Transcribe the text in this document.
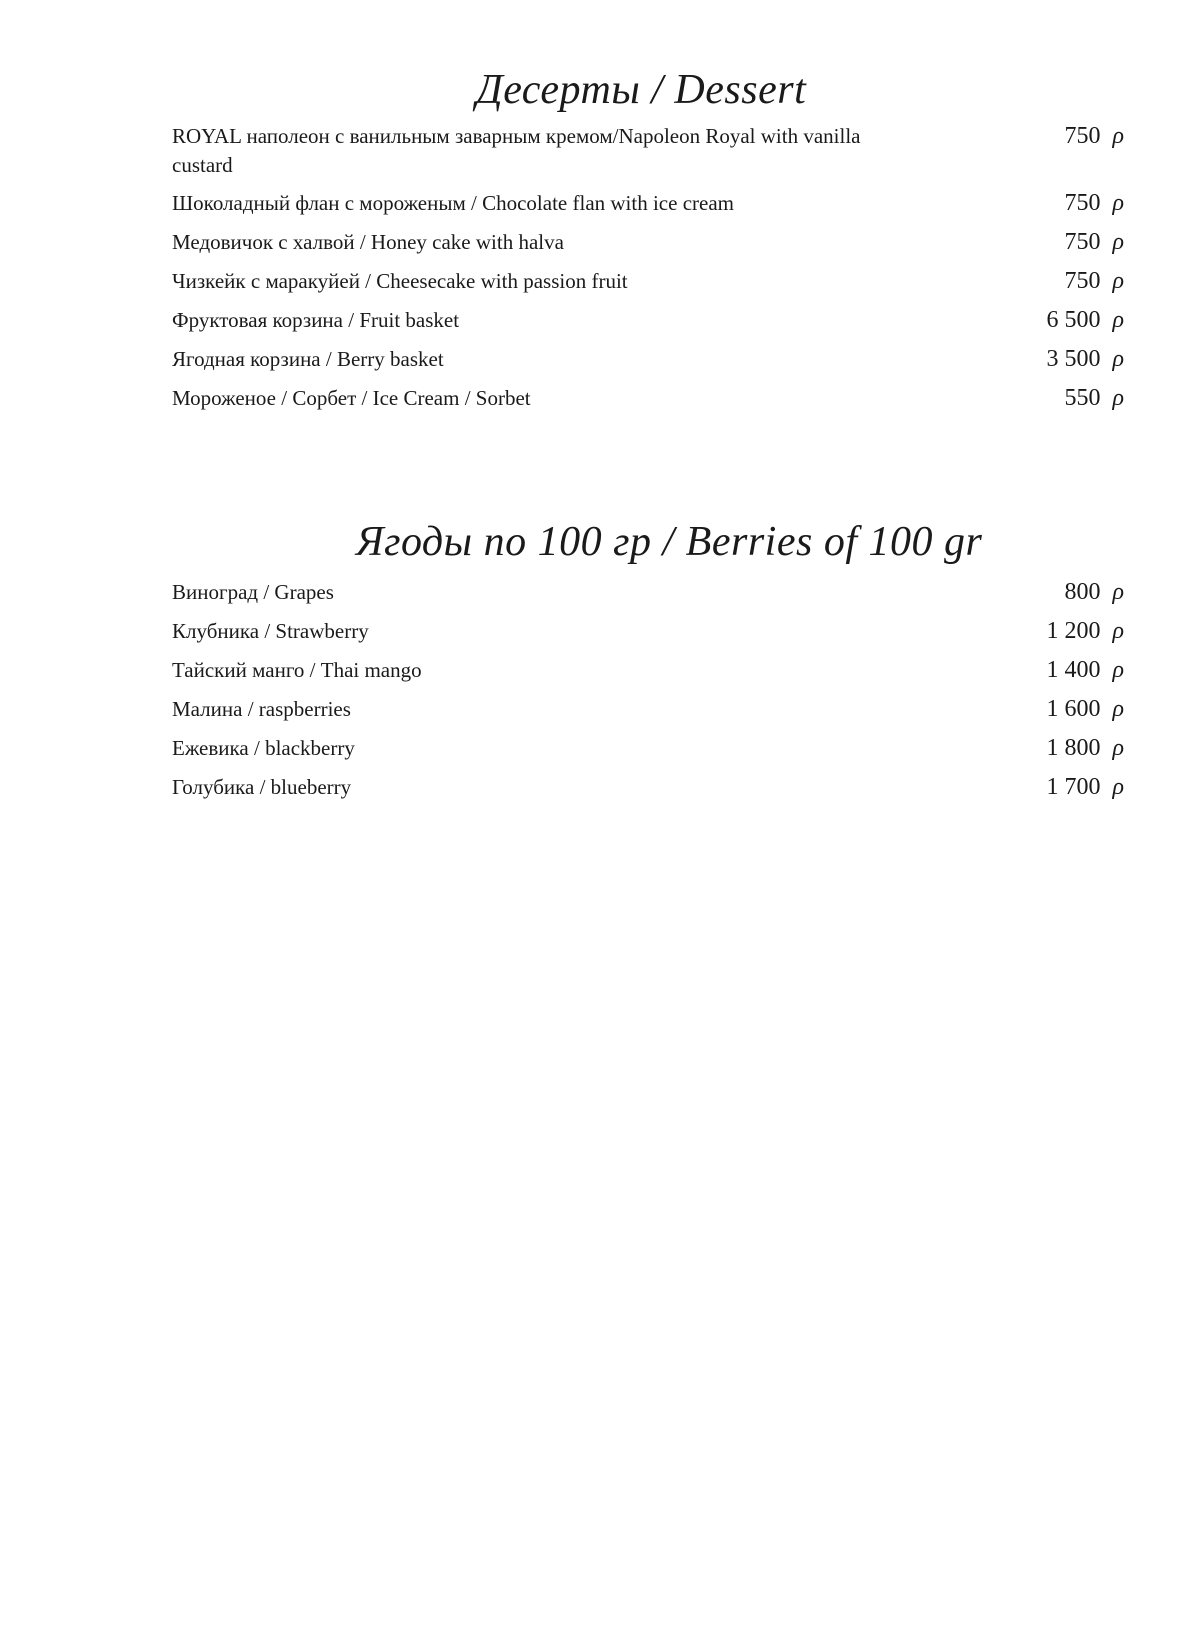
Десерты / Dessert
ROYAL наполеон с ванильным заварным кремом/Napoleon Royal with vanilla custard
750 ρ
Шоколадный флан с мороженым / Chocolate flan with ice cream	750 ρ
Медовичок с халвой / Honey cake with halva	750 ρ
Чизкейк с маракуйей / Cheesecake with passion fruit	750 ρ
Фруктовая корзина / Fruit basket	6 500 ρ
Ягодная корзина / Berry basket	3 500 ρ
Мороженое / Сорбет / Ice Cream / Sorbet	550 ρ
Ягоды по 100 гр / Berries of 100 gr
Виноград / Grapes	800 ρ
Клубника / Strawberry	1 200 ρ
Тайский манго / Thai mango	1 400 ρ
Малина / raspberries	1 600 ρ
Ежевика / blackberry	1 800 ρ
Голубика / blueberry	1 700 ρ
